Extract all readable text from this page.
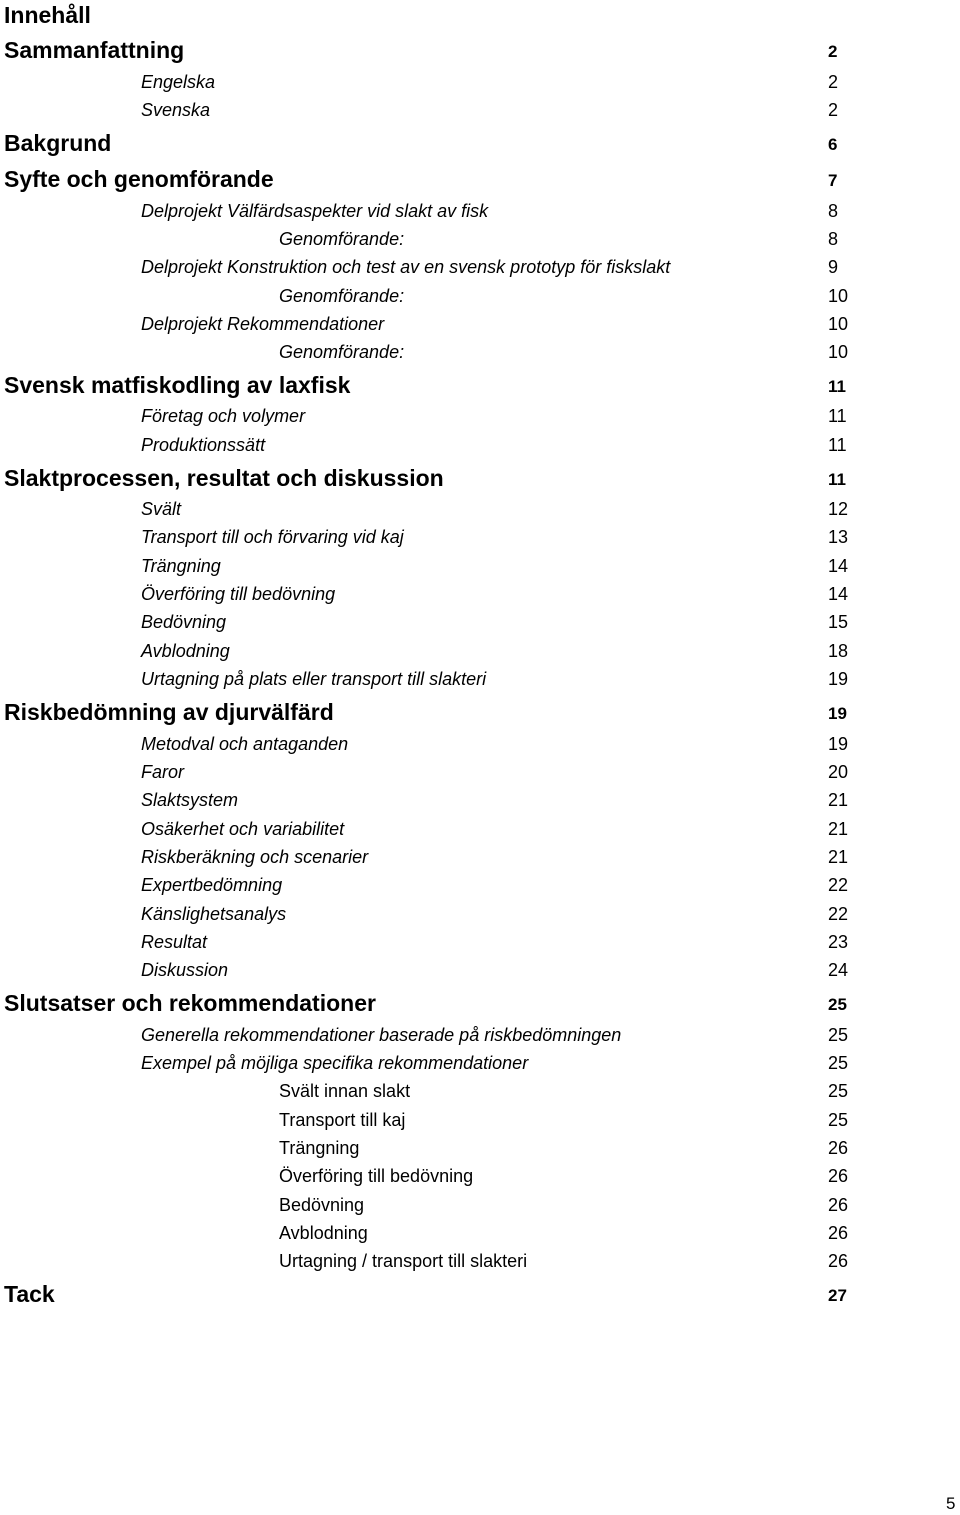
Innehåll
Sammanfattning	2
Engelska	2
Svenska	2
Bakgrund	6
Syfte och genomförande	7
Delprojekt Välfärdsaspekter vid slakt av fisk	8
Genomförande:	8
Delprojekt Konstruktion och test av en svensk prototyp för fiskslakt	9
Genomförande:	10
Delprojekt Rekommendationer	10
Genomförande:	10
Svensk matfiskodling av laxfisk	11
Företag och volymer	11
Produktionssätt	11
Slaktprocessen, resultat och diskussion	11
Svält	12
Transport till och förvaring vid kaj	13
Trängning	14
Överföring till bedövning	14
Bedövning	15
Avblodning	18
Urtagning på plats eller transport till slakteri	19
Riskbedömning av djurvälfärd	19
Metodval och antaganden	19
Faror	20
Slaktsystem	21
Osäkerhet och variabilitet	21
Riskberäkning och scenarier	21
Expertbedömning	22
Känslighetsanalys	22
Resultat	23
Diskussion	24
Slutsatser och rekommendationer	25
Generella rekommendationer baserade på riskbedömningen	25
Exempel på möjliga specifika rekommendationer	25
Svält innan slakt	25
Transport till kaj	25
Trängning	26
Överföring till bedövning	26
Bedövning	26
Avblodning	26
Urtagning / transport till slakteri	26
Tack	27
5
